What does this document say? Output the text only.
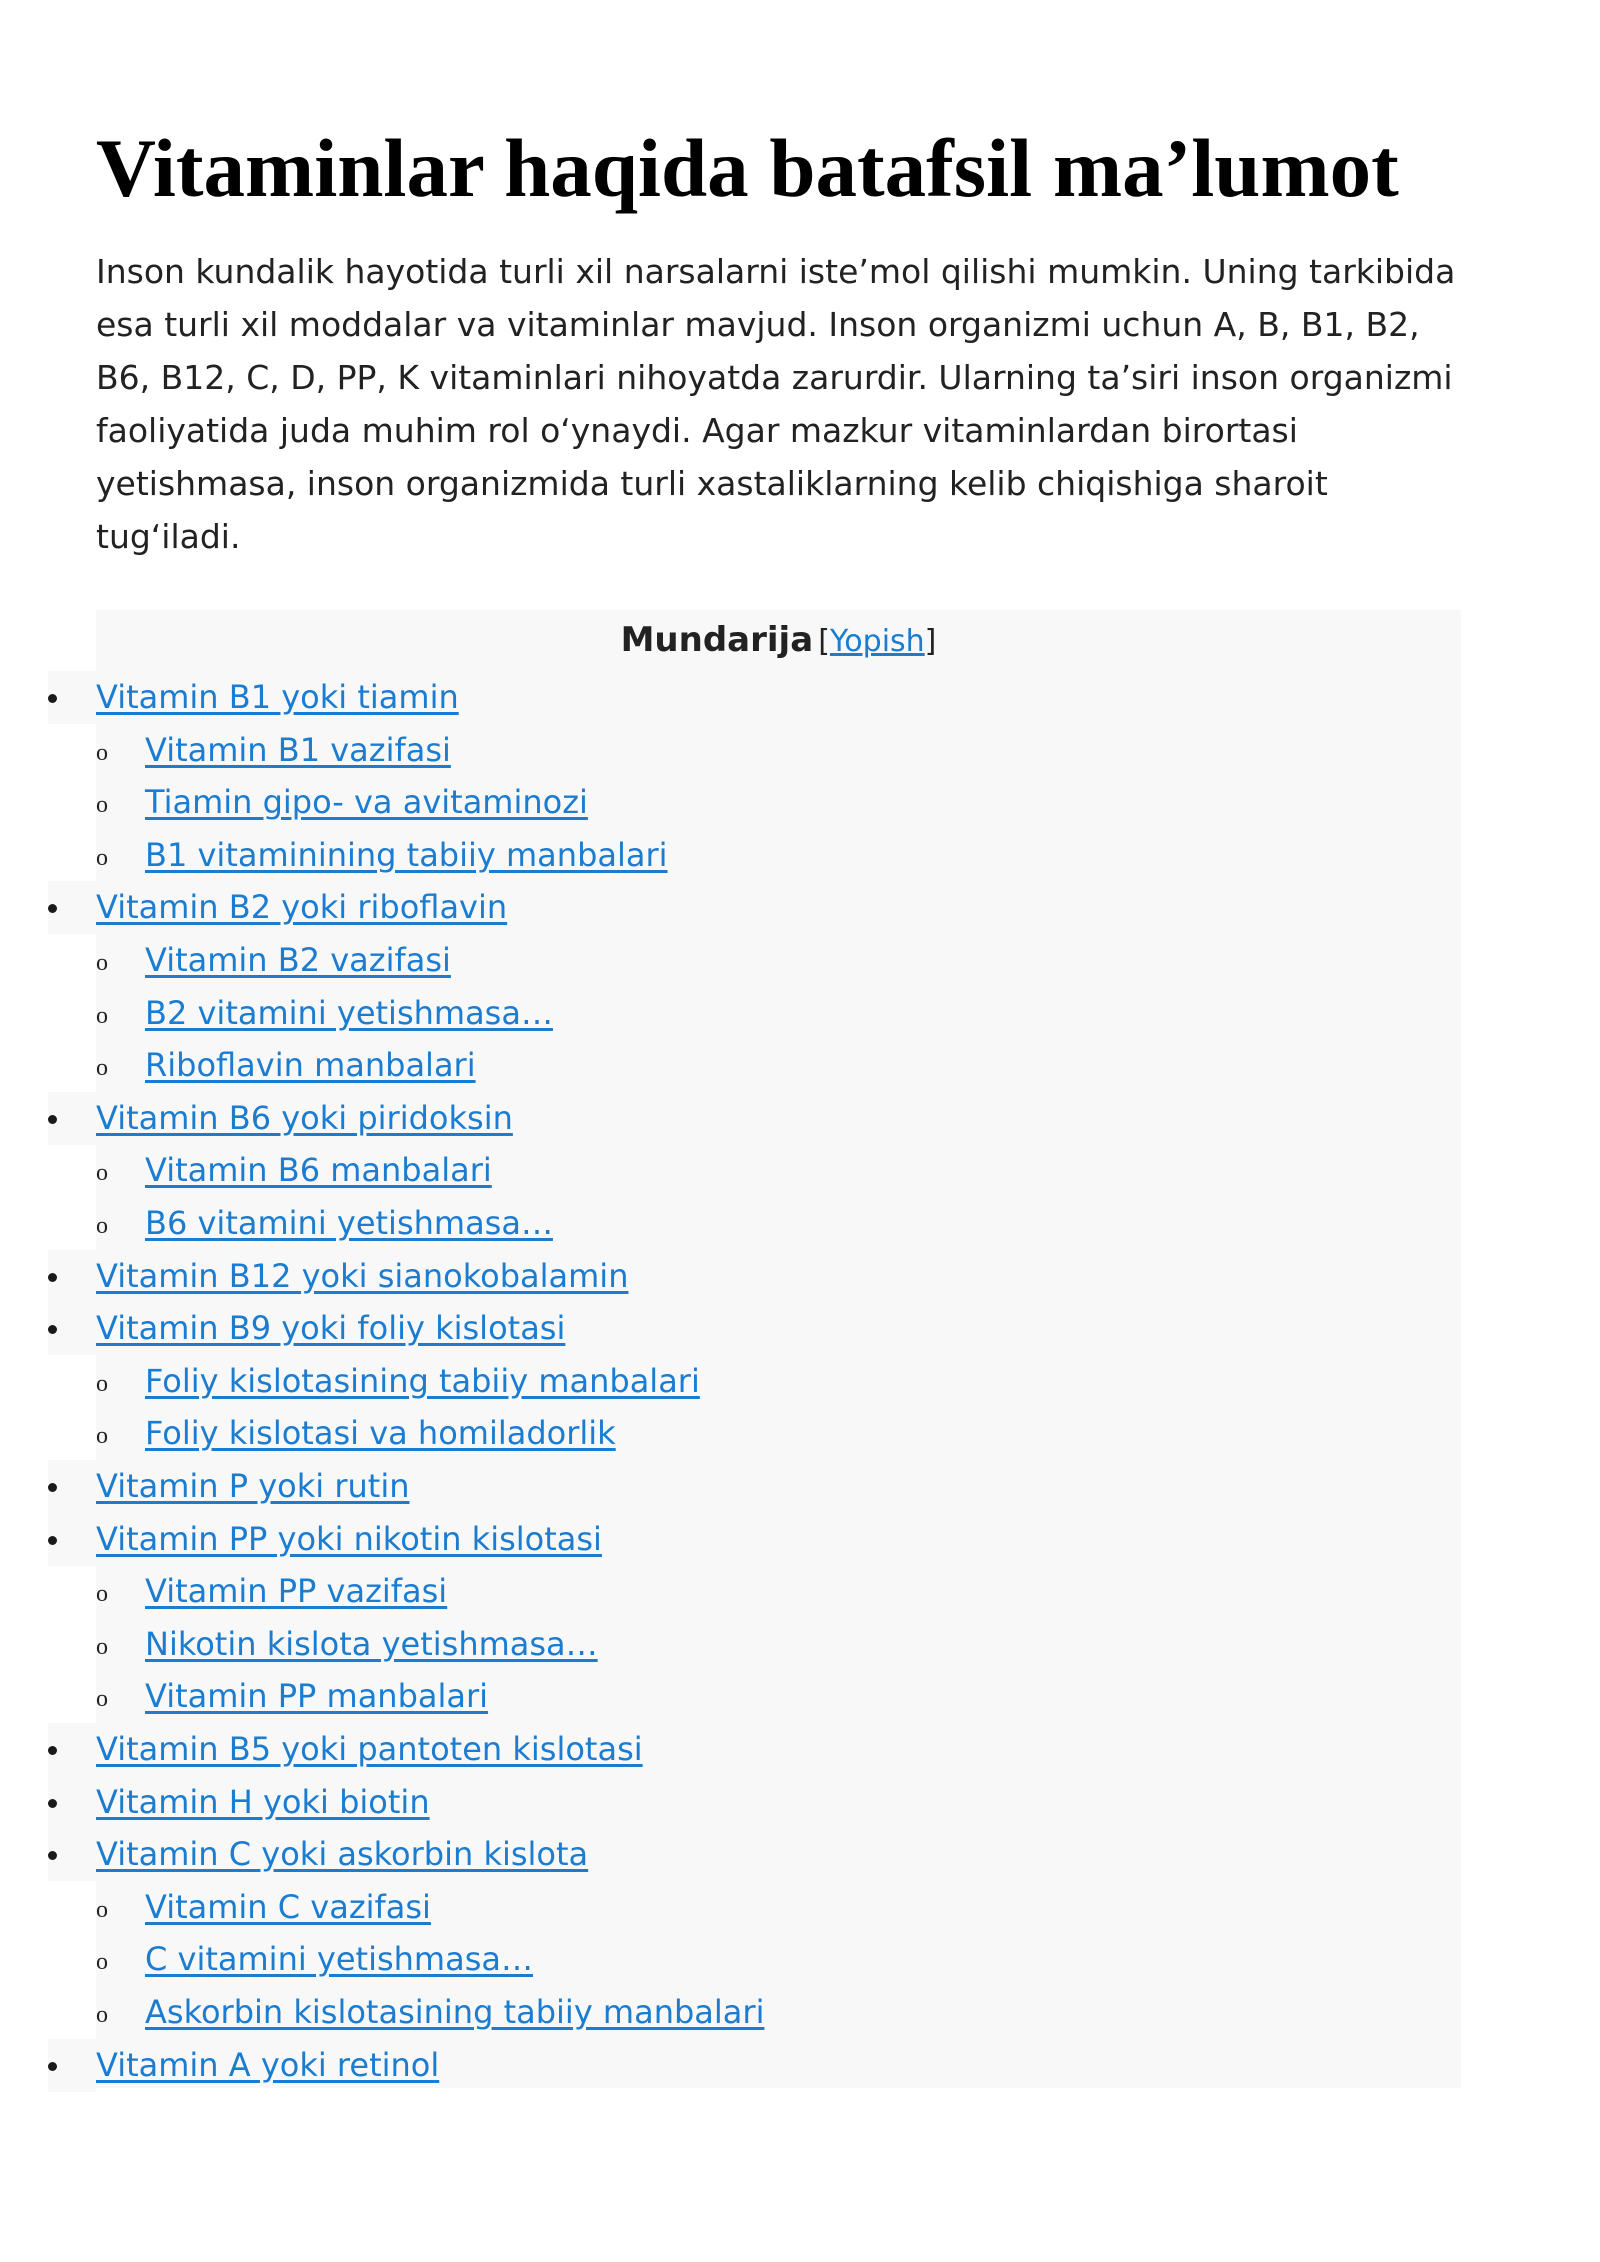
Vitaminlar haqida batafsil ma’lumot

Inson kundalik hayotida turli xil narsalarni iste’mol qilishi mumkin. Uning tarkibida esa turli xil moddalar va vitaminlar mavjud. Inson organizmi uchun A, B, B1, B2, B6, B12, C, D, PP, K vitaminlari nihoyatda zarurdir. Ularning ta’siri inson organizmi faoliyatida juda muhim rol o‘ynaydi. Agar mazkur vitaminlardan birortasi yetishmasa, inson organizmida turli xastaliklarning kelib chiqishiga sharoit tug‘iladi.

Mundarija [Yopish]
Vitamin B1 yoki tiamin
o Vitamin B1 vazifasi
o Tiamin gipo- va avitaminozi
o B1 vitaminining tabiiy manbalari
Vitamin B2 yoki riboflavin
o Vitamin B2 vazifasi
o B2 vitamini yetishmasa…
o Riboflavin manbalari
Vitamin B6 yoki piridoksin
o Vitamin B6 manbalari
o B6 vitamini yetishmasa…
Vitamin B12 yoki sianokobalamin
Vitamin B9 yoki foliy kislotasi
o Foliy kislotasining tabiiy manbalari
o Foliy kislotasi va homiladorlik
Vitamin P yoki rutin
Vitamin PP yoki nikotin kislotasi
o Vitamin PP vazifasi
o Nikotin kislota yetishmasa…
o Vitamin PP manbalari
Vitamin B5 yoki pantoten kislotasi
Vitamin H yoki biotin
Vitamin C yoki askorbin kislota
o Vitamin C vazifasi
o C vitamini yetishmasa…
o Askorbin kislotasining tabiiy manbalari
Vitamin A yoki retinol
